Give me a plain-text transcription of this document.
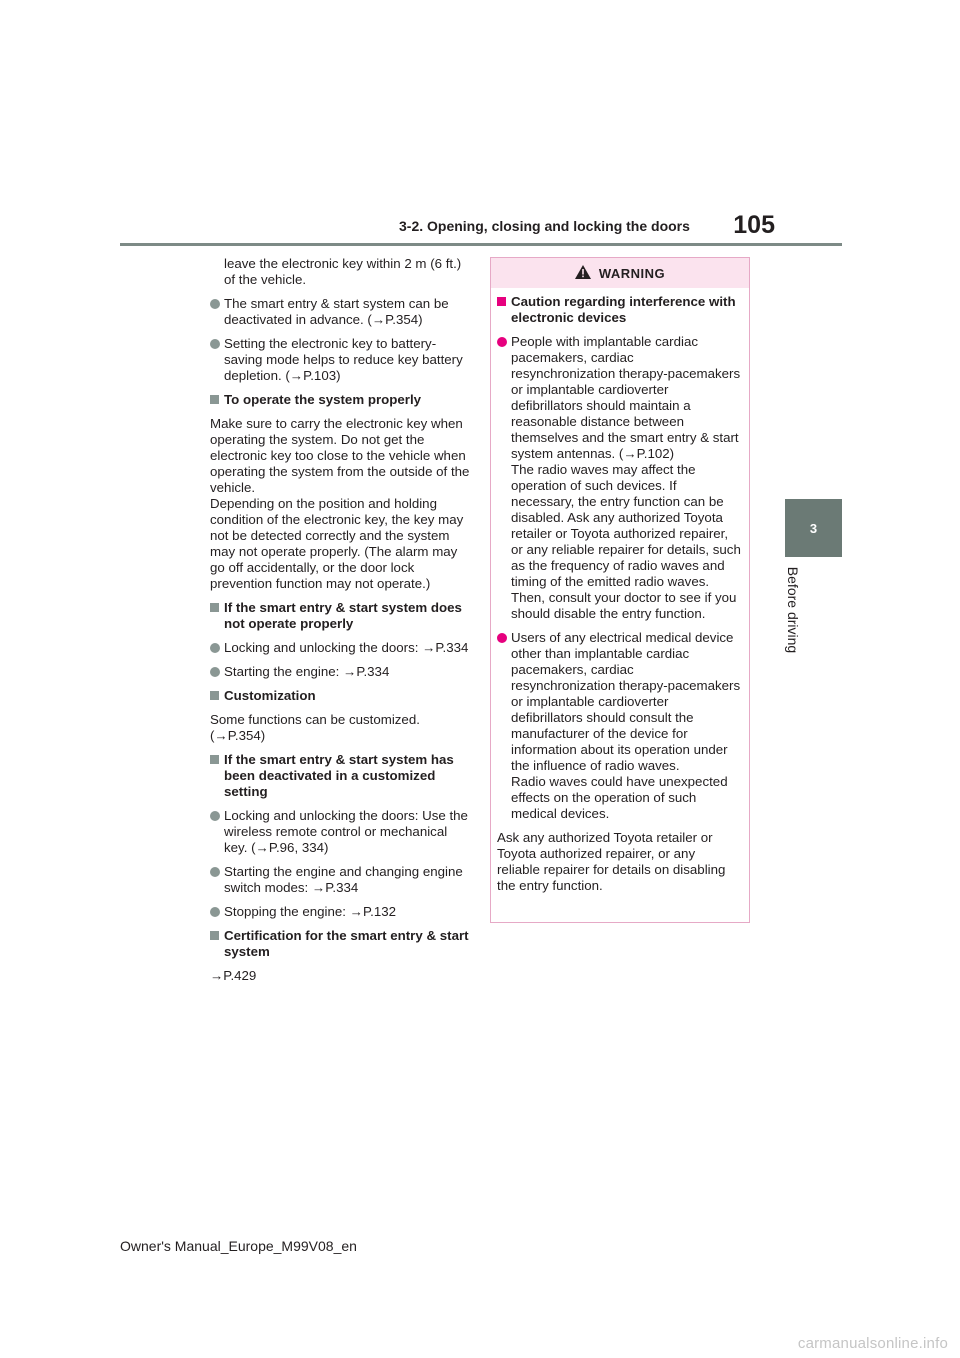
3-2. Opening, closing and locking the doors	105
3
Before driving
leave the electronic key within 2 m (6 ft.) of the vehicle.
The smart entry & start system can be deactivated in advance. (→P.354)
Setting the electronic key to battery-saving mode helps to reduce key battery depletion. (→P.103)
To operate the system properly
Make sure to carry the electronic key when operating the system. Do not get the electronic key too close to the vehicle when operating the system from the outside of the vehicle.
Depending on the position and holding condition of the electronic key, the key may not be detected correctly and the system may not operate properly. (The alarm may go off accidentally, or the door lock prevention function may not operate.)
If the smart entry & start system does not operate properly
Locking and unlocking the doors: →P.334
Starting the engine: →P.334
Customization
Some functions can be customized. (→P.354)
If the smart entry & start system has been deactivated in a customized setting
Locking and unlocking the doors: Use the wireless remote control or mechanical key. (→P.96, 334)
Starting the engine and changing engine switch modes: →P.334
Stopping the engine: →P.132
Certification for the smart entry & start system
→P.429
WARNING
Caution regarding interference with electronic devices
People with implantable cardiac pacemakers, cardiac resynchronization therapy-pacemakers or implantable cardioverter defibrillators should maintain a reasonable distance between themselves and the smart entry & start system antennas. (→P.102)
The radio waves may affect the operation of such devices. If necessary, the entry function can be disabled. Ask any authorized Toyota retailer or Toyota authorized repairer, or any reliable repairer for details, such as the frequency of radio waves and timing of the emitted radio waves. Then, consult your doctor to see if you should disable the entry function.
Users of any electrical medical device other than implantable cardiac pacemakers, cardiac resynchronization therapy-pacemakers or implantable cardioverter defibrillators should consult the manufacturer of the device for information about its operation under the influence of radio waves.
Radio waves could have unexpected effects on the operation of such medical devices.
Ask any authorized Toyota retailer or Toyota authorized repairer, or any reliable repairer for details on disabling the entry function.
Owner's Manual_Europe_M99V08_en
carmanualsonline.info
